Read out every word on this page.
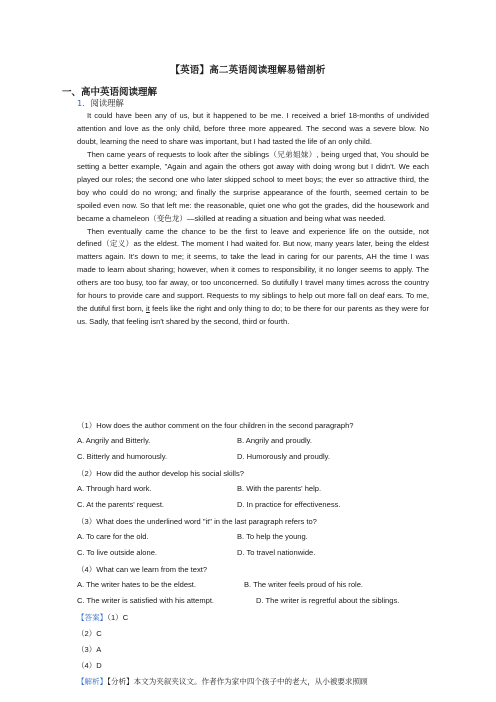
【英语】高二英语阅读理解易错剖析
一、高中英语阅读理解
1．阅读理解

It could have been any of us, but it happened to be me. I received a brief 18-months of undivided attention and love as the only child, before three more appeared. The second was a severe blow. No doubt, learning the need to share was important, but I had tasted the life of an only child.

Then came years of requests to look after the siblings（兄弟姐妹）, being urged that, You should be setting a better example, "Again and again the others got away with doing wrong but I didn't. We each played our roles; the second one who later skipped school to meet boys; the ever so attractive third, the boy who could do no wrong; and finally the surprise appearance of the fourth, seemed certain to be spoiled even now. So that left me: the reasonable, quiet one who got the grades, did the housework and became a chameleon（变色龙）—skilled at reading a situation and being what was needed.

Then eventually came the chance to be the first to leave and experience life on the outside, not defined（定义）as the eldest. The moment I had waited for. But now, many years later, being the eldest matters again. It's down to me; it seems, to take the lead in caring for our parents, AH the time I was made to learn about sharing; however, when it comes to responsibility, it no longer seems to apply. The others are too busy, too far away, or too unconcerned. So dutifully I travel many times across the country for hours to provide care and support. Requests to my siblings to help out more fall on deaf ears. To me, the dutiful first born, it feels like the right and only thing to do; to be there for our parents as they were for us. Sadly, that feeling isn't shared by the second, third or fourth.

（1）How does the author comment on the four children in the second paragraph?
A. Angrily and Bitterly.	B. Angrily and proudly.
C. Bitterly and humorously.	D. Humorously and proudly.
（2）How did the author develop his social skills?
A. Through hard work.	B. With the parents' help.
C. At the parents' request.	D. In practice for effectiveness.
（3）What does the underlined word "it" in the last paragraph refers to?
A. To care for the old.	B. To help the young.
C. To live outside alone.	D. To travel nationwide.
（4）What can we learn from the text?
A. The writer hates to be the eldest.	B. The writer feels proud of his role.
C. The writer is satisfied with his attempt.	D. The writer is regretful about the siblings.
【答案】（1）C
（2）C
（3）A
（4）D
【解析】【分析】本文为夹叙夹议文。作者作为家中四个孩子中的老大，从小被要求照顾
